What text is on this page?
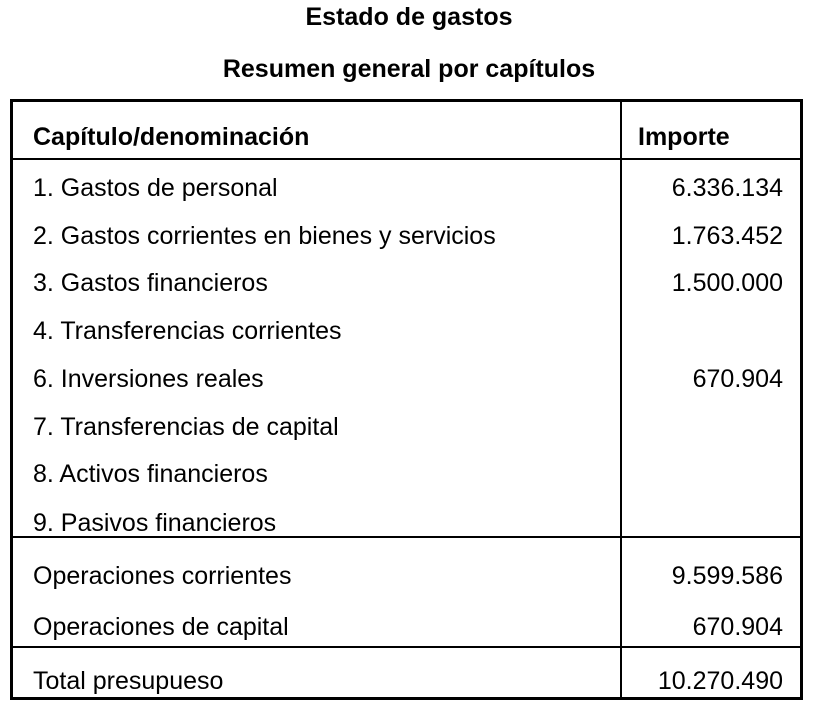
Estado de gastos
Resumen general por capítulos
Capítulo/denominación	Importe
1. Gastos de personal	6.336.134
2. Gastos corrientes en bienes y servicios	1.763.452
3. Gastos financieros	1.500.000
4. Transferencias corrientes
6. Inversiones reales	670.904
7. Transferencias de capital
8. Activos financieros
9. Pasivos financieros
Operaciones corrientes	9.599.586
Operaciones de capital	670.904
Total presupueso	10.270.490
